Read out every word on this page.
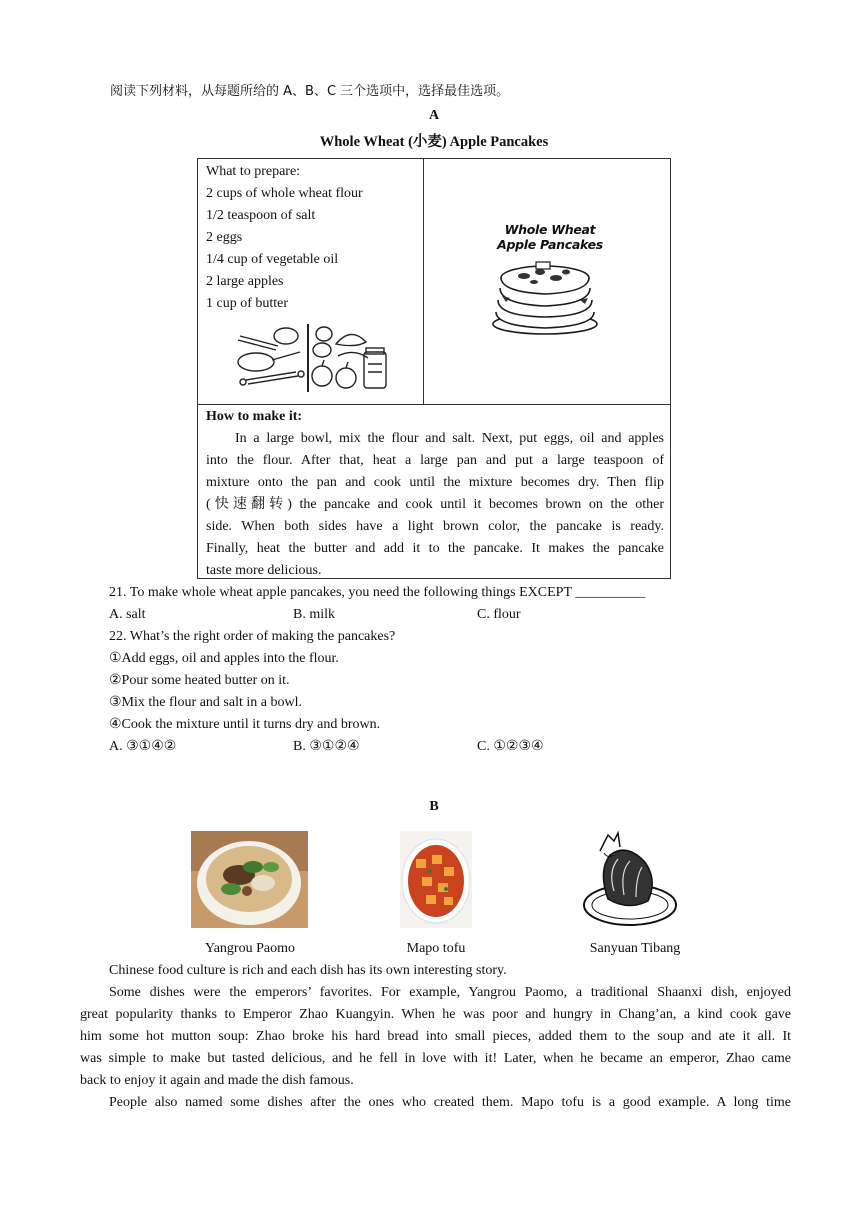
阅读下列材料，从每题所给的 A、B、C 三个选项中，选择最佳选项。
A
Whole Wheat (小麦) Apple Pancakes
What to prepare:
2 cups of whole wheat flour
1/2 teaspoon of salt
2 eggs
1/4 cup of vegetable oil
2 large apples
1 cup of butter
Whole Wheat
Apple Pancakes
How to make it:
In a large bowl, mix the flour and salt. Next, put eggs, oil and apples
into the flour. After that, heat a large pan and put a large teaspoon of
mixture onto the pan and cook until the mixture becomes dry. Then flip
(快速翻转) the pancake and cook until it becomes brown on the other
side. When both sides have a light brown color, the pancake is ready.
Finally, heat the butter and add it to the pancake. It makes the pancake
taste more delicious.
21. To make whole wheat apple pancakes, you need the following things EXCEPT __________
A. salt	B. milk	C. flour
22. What’s the right order of making the pancakes?
①Add eggs, oil and apples into the flour.
②Pour some heated butter on it.
③Mix the flour and salt in a bowl.
④Cook the mixture until it turns dry and brown.
A. ③①④②	B. ③①②④	C. ①②③④
B
Yangrou Paomo	Mapo tofu	Sanyuan Tibang
Chinese food culture is rich and each dish has its own interesting story.
Some dishes were the emperors’ favorites. For example, Yangrou Paomo, a traditional Shaanxi dish, enjoyed
great popularity thanks to Emperor Zhao Kuangyin. When he was poor and hungry in Chang’an, a kind cook gave
him some hot mutton soup: Zhao broke his hard bread into small pieces, added them to the soup and ate it all. It
was simple to make but tasted delicious, and he fell in love with it! Later, when he became an emperor, Zhao came
back to enjoy it again and made the dish famous.
People also named some dishes after the ones who created them. Mapo tofu is a good example. A long time
